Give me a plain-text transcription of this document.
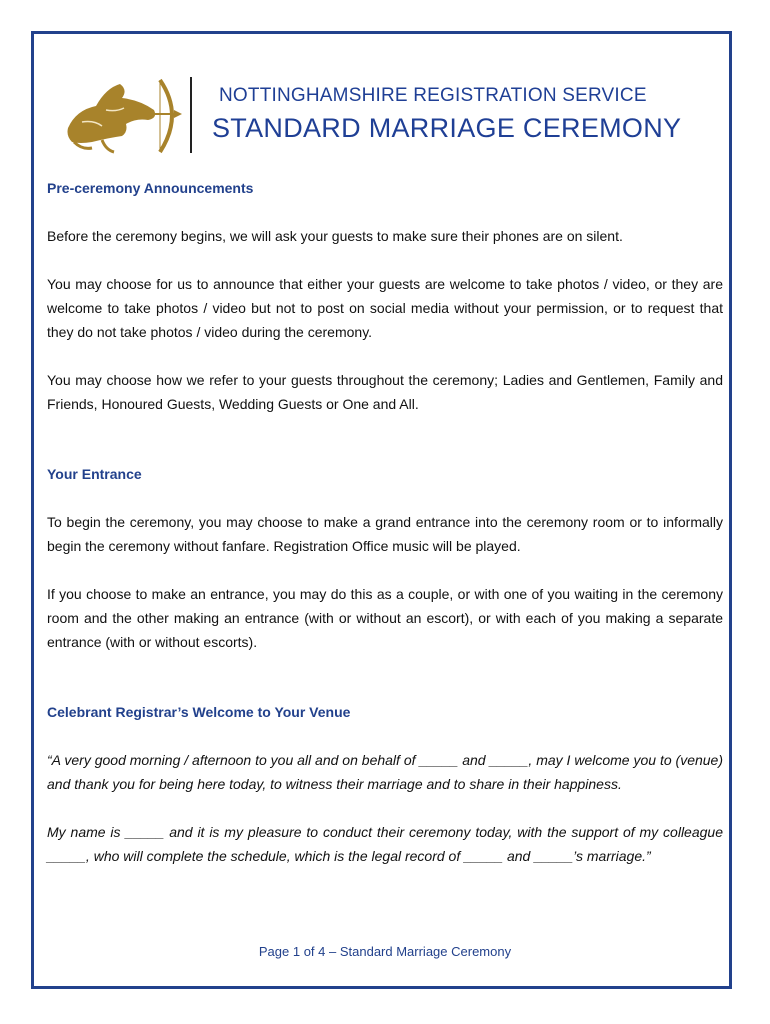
NOTTINGHAMSHIRE REGISTRATION SERVICE
STANDARD MARRIAGE CEREMONY
Pre-ceremony Announcements

Before the ceremony begins, we will ask your guests to make sure their phones are on silent.

You may choose for us to announce that either your guests are welcome to take photos / video, or they are welcome to take photos / video but not to post on social media without your permission, or to request that they do not take photos / video during the ceremony.

You may choose how we refer to your guests throughout the ceremony; Ladies and Gentlemen, Family and Friends, Honoured Guests, Wedding Guests or One and All.

Your Entrance

To begin the ceremony, you may choose to make a grand entrance into the ceremony room or to informally begin the ceremony without fanfare. Registration Office music will be played.

If you choose to make an entrance, you may do this as a couple, or with one of you waiting in the ceremony room and the other making an entrance (with or without an escort), or with each of you making a separate entrance (with or without escorts).

Celebrant Registrar’s Welcome to Your Venue

“A very good morning / afternoon to you all and on behalf of _____ and _____, may I welcome you to (venue) and thank you for being here today, to witness their marriage and to share in their happiness.

My name is _____ and it is my pleasure to conduct their ceremony today, with the support of my colleague _____, who will complete the schedule, which is the legal record of _____ and _____’s marriage.”

Page 1 of 4 – Standard Marriage Ceremony
